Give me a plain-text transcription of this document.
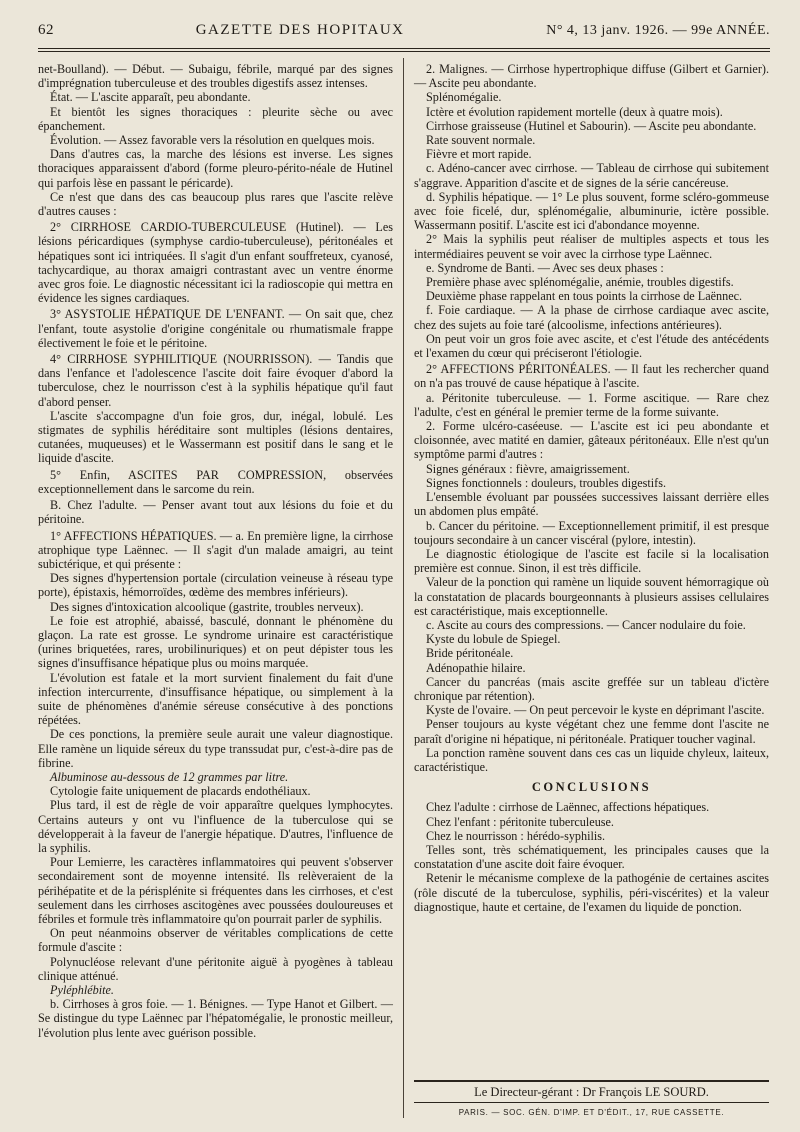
62	GAZETTE DES HOPITAUX	N° 4, 13 janv. 1926. — 99e ANNÉE.

net-Boulland). — Début. — Subaigu, fébrile, marqué par des signes d'imprégnation tuberculeuse et des troubles digestifs assez intenses.

État. — L'ascite apparaît, peu abondante.

Et bientôt les signes thoraciques : pleurite sèche ou avec épanchement.

Évolution. — Assez favorable vers la résolution en quelques mois.

Dans d'autres cas, la marche des lésions est inverse. Les signes thoraciques apparaissent d'abord (forme pleuro-périto-néale de Hutinel qui parfois lèse en passant le péricarde).

Ce n'est que dans des cas beaucoup plus rares que l'ascite relève d'autres causes :

2° CIRRHOSE CARDIO-TUBERCULEUSE (Hutinel). — Les lésions péricardiques (symphyse cardio-tuberculeuse), péritonéales et hépatiques sont ici intriquées. Il s'agit d'un enfant souffreteux, cyanosé, tachycardique, au thorax amaigri contrastant avec un ventre énorme avec gros foie. Le diagnostic nécessitant ici la radioscopie qui mettra en évidence les signes cardiaques.

3° ASYSTOLIE HÉPATIQUE DE L'ENFANT. — On sait que, chez l'enfant, toute asystolie d'origine congénitale ou rhumatismale frappe électivement le foie et le péritoine.

4° CIRRHOSE SYPHILITIQUE (NOURRISSON). — Tandis que dans l'enfance et l'adolescence l'ascite doit faire évoquer d'abord la tuberculose, chez le nourrisson c'est à la syphilis hépatique qu'il faut d'abord penser.

L'ascite s'accompagne d'un foie gros, dur, inégal, lobulé. Les stigmates de syphilis héréditaire sont multiples (lésions dentaires, cutanées, muqueuses) et le Wassermann est positif dans le sang et le liquide d'ascite.

5° Enfin, ASCITES PAR COMPRESSION, observées exceptionnellement dans le sarcome du rein.

B. Chez l'adulte. — Penser avant tout aux lésions du foie et du péritoine.

1° AFFECTIONS HÉPATIQUES. — a. En première ligne, la cirrhose atrophique type Laënnec. — Il s'agit d'un malade amaigri, au teint subictérique, et qui présente :

Des signes d'hypertension portale (circulation veineuse à réseau type porte), épistaxis, hémorroïdes, œdème des membres inférieurs).

Des signes d'intoxication alcoolique (gastrite, troubles nerveux).

Le foie est atrophié, abaissé, basculé, donnant le phénomène du glaçon. La rate est grosse. Le syndrome urinaire est caractéristique (urines briquetées, rares, urobilinuriques) et on peut dépister tous les signes d'insuffisance hépatique plus ou moins marquée.

L'évolution est fatale et la mort survient finalement du fait d'une infection intercurrente, d'insuffisance hépatique, ou simplement à la suite de phénomènes d'anémie séreuse consécutive à des ponctions répétées.

De ces ponctions, la première seule aurait une valeur diagnostique. Elle ramène un liquide séreux du type transsudat pur, c'est-à-dire pas de fibrine.

Albuminose au-dessous de 12 grammes par litre.

Cytologie faite uniquement de placards endothéliaux.

Plus tard, il est de règle de voir apparaître quelques lymphocytes. Certains auteurs y ont vu l'influence de la tuberculose qui se développerait à la faveur de l'anergie hépatique. D'autres, l'influence de la syphilis.

Pour Lemierre, les caractères inflammatoires qui peuvent s'observer secondairement sont de moyenne intensité. Ils relèveraient de la périhépatite et de la périsplénite si fréquentes dans les cirrhoses, et c'est seulement dans les cirrhoses ascitogènes avec poussées douloureuses et fébriles et formule très inflammatoire qu'on pourrait parler de syphilis.

On peut néanmoins observer de véritables complications de cette formule d'ascite :

Polynucléose relevant d'une péritonite aiguë à pyogènes à tableau clinique atténué.

Pyléphlébite.

b. Cirrhoses à gros foie. — 1. Bénignes. — Type Hanot et Gilbert. — Se distingue du type Laënnec par l'hépatomégalie, le pronostic meilleur, l'évolution plus lente avec guérison possible.

2. Malignes. — Cirrhose hypertrophique diffuse (Gilbert et Garnier). — Ascite peu abondante.

Splénomégalie.

Ictère et évolution rapidement mortelle (deux à quatre mois).

Cirrhose graisseuse (Hutinel et Sabourin). — Ascite peu abondante.

Rate souvent normale.

Fièvre et mort rapide.

c. Adéno-cancer avec cirrhose. — Tableau de cirrhose qui subitement s'aggrave. Apparition d'ascite et de signes de la série cancéreuse.

d. Syphilis hépatique. — 1° Le plus souvent, forme scléro-gommeuse avec foie ficelé, dur, splénomégalie, albuminurie, ictère possible. Wassermann positif. L'ascite est ici d'abondance moyenne.

2° Mais la syphilis peut réaliser de multiples aspects et tous les intermédiaires peuvent se voir avec la cirrhose type Laënnec.

e. Syndrome de Banti. — Avec ses deux phases :

Première phase avec splénomégalie, anémie, troubles digestifs.

Deuxième phase rappelant en tous points la cirrhose de Laënnec.

f. Foie cardiaque. — A la phase de cirrhose cardiaque avec ascite, chez des sujets au foie taré (alcoolisme, infections antérieures).

On peut voir un gros foie avec ascite, et c'est l'étude des antécédents et l'examen du cœur qui préciseront l'étiologie.

2° AFFECTIONS PÉRITONÉALES. — Il faut les rechercher quand on n'a pas trouvé de cause hépatique à l'ascite.

a. Péritonite tuberculeuse. — 1. Forme ascitique. — Rare chez l'adulte, c'est en général le premier terme de la forme suivante.

2. Forme ulcéro-caséeuse. — L'ascite est ici peu abondante et cloisonnée, avec matité en damier, gâteaux péritonéaux. Elle n'est qu'un symptôme parmi d'autres :

Signes généraux : fièvre, amaigrissement.

Signes fonctionnels : douleurs, troubles digestifs.

L'ensemble évoluant par poussées successives laissant derrière elles un abdomen plus empâté.

b. Cancer du péritoine. — Exceptionnellement primitif, il est presque toujours secondaire à un cancer viscéral (pylore, intestin).

Le diagnostic étiologique de l'ascite est facile si la localisation première est connue. Sinon, il est très difficile.

Valeur de la ponction qui ramène un liquide souvent hémorragique où la constatation de placards bourgeonnants à plusieurs assises cellulaires est caractéristique, mais exceptionnelle.

c. Ascite au cours des compressions. — Cancer nodulaire du foie.

Kyste du lobule de Spiegel.

Bride péritonéale.

Adénopathie hilaire.

Cancer du pancréas (mais ascite greffée sur un tableau d'ictère chronique par rétention).

Kyste de l'ovaire. — On peut percevoir le kyste en déprimant l'ascite.

Penser toujours au kyste végétant chez une femme dont l'ascite ne paraît d'origine ni hépatique, ni péritonéale. Pratiquer toucher vaginal.

La ponction ramène souvent dans ces cas un liquide chyleux, laiteux, caractéristique.

CONCLUSIONS

Chez l'adulte : cirrhose de Laënnec, affections hépatiques.

Chez l'enfant : péritonite tuberculeuse.

Chez le nourrisson : hérédo-syphilis.

Telles sont, très schématiquement, les principales causes que la constatation d'une ascite doit faire évoquer.

Retenir le mécanisme complexe de la pathogénie de certaines ascites (rôle discuté de la tuberculose, syphilis, péri-viscérites) et la valeur diagnostique, haute et certaine, de l'examen du liquide de ponction.

Le Directeur-gérant : Dr François LE SOURD.
PARIS. — SOC. GÉN. D'IMP. ET D'ÉDIT., 17, RUE CASSETTE.
